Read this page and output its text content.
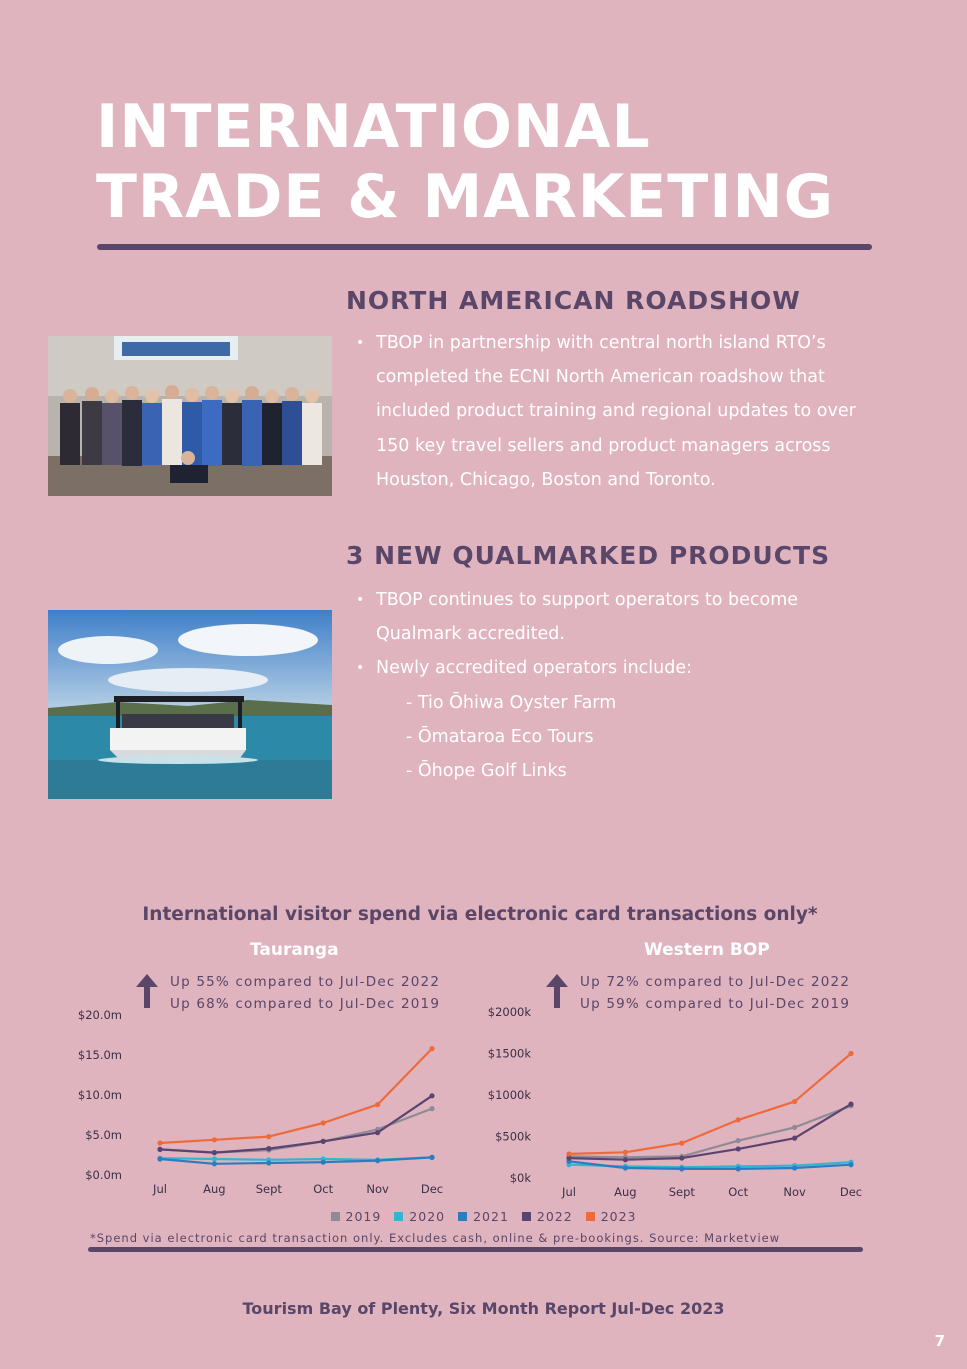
INTERNATIONAL TRADE & MARKETING
NORTH AMERICAN ROADSHOW
• TBOP in partnership with central north island RTO’s completed the ECNI North American roadshow that included product training and regional updates to over 150 key travel sellers and product managers across Houston, Chicago, Boston and Toronto.
3 NEW QUALMARKED PRODUCTS
• TBOP continues to support operators to become Qualmark accredited.
• Newly accredited operators include:
- Tio Ōhiwa Oyster Farm
- Ōmataroa Eco Tours
- Ōhope Golf Links
International visitor spend via electronic card transactions only*
Tauranga
Up 55% compared to Jul-Dec 2022
Up 68% compared to Jul-Dec 2019
$0.0m
$5.0m
$10.0m
$15.0m
$20.0m
Jul	Aug	Sept	Oct	Nov	Dec
Western BOP
Up 72% compared to Jul-Dec 2022
Up 59% compared to Jul-Dec 2019
$0k
$500k
$1000k
$1500k
$2000k
Jul	Aug	Sept	Oct	Nov	Dec
2019 2020 2021 2022 2023
*Spend via electronic card transaction only. Excludes cash, online & pre-bookings. Source: Marketview
Tourism Bay of Plenty, Six Month Report Jul-Dec 2023
7
